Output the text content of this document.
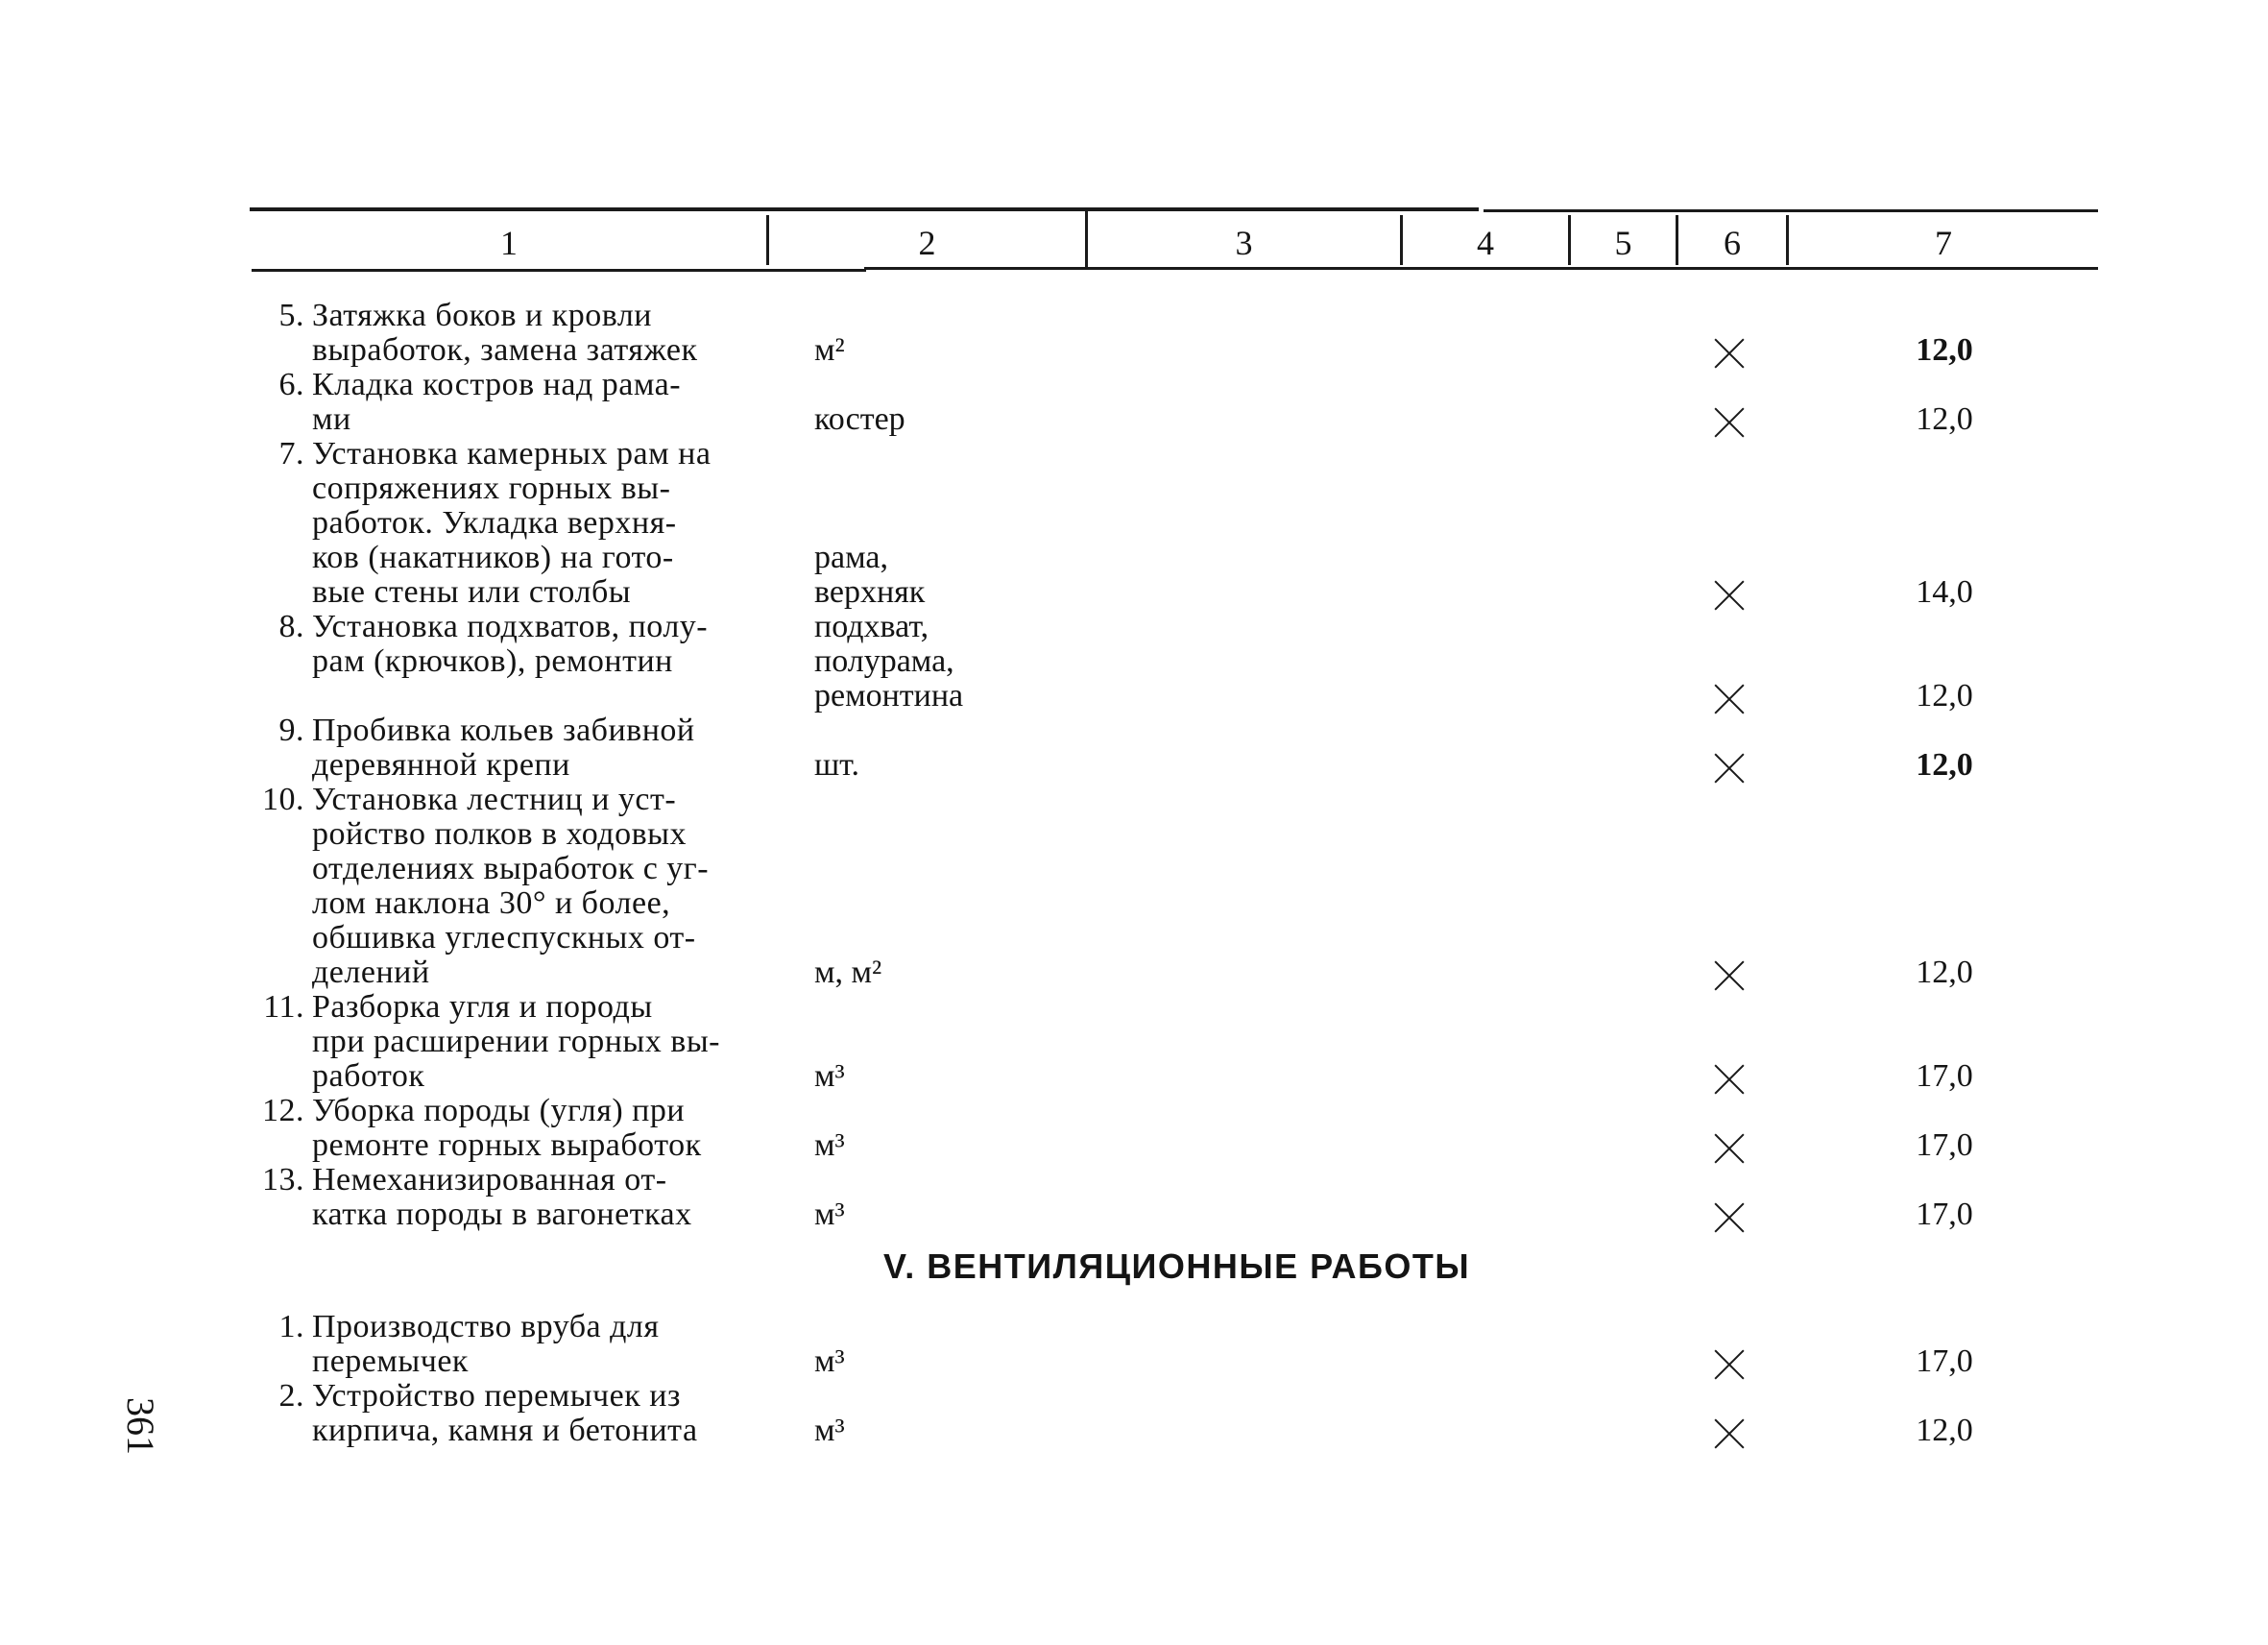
1	2	3	4	5	6	7
5. Затяжка боков и кровли
выработок, замена затяжек	м²	12,0
6. Кладка костров над рама-
ми	костер	12,0
7. Установка камерных рам на
сопряжениях горных вы-
работок. Укладка верхня-
ков (накатников) на гото-
вые стены или столбы
рама,
верхняк	14,0
8. Установка подхватов, полу-
рам (крючков), ремонтин
подхват,
полурама,
ремонтина	12,0
9. Пробивка кольев забивной
деревянной крепи	шт.	12,0
10. Установка лестниц и уст-
ройство полков в ходовых
отделениях выработок с уг-
лом наклона 30° и более,
обшивка углеспускных от-
делений	м, м²	12,0
11. Разборка угля и породы
при расширении горных вы-
работок	м³	17,0
12. Уборка породы (угля) при
ремонте горных выработок	м³	17,0
13. Немеханизированная от-
катка породы в вагонетках	м³	17,0
V. ВЕНТИЛЯЦИОННЫЕ РАБОТЫ
1. Производство вруба для
перемычек	м³	17,0
2. Устройство перемычек из
кирпича, камня и бетонита	м³	12,0
361
